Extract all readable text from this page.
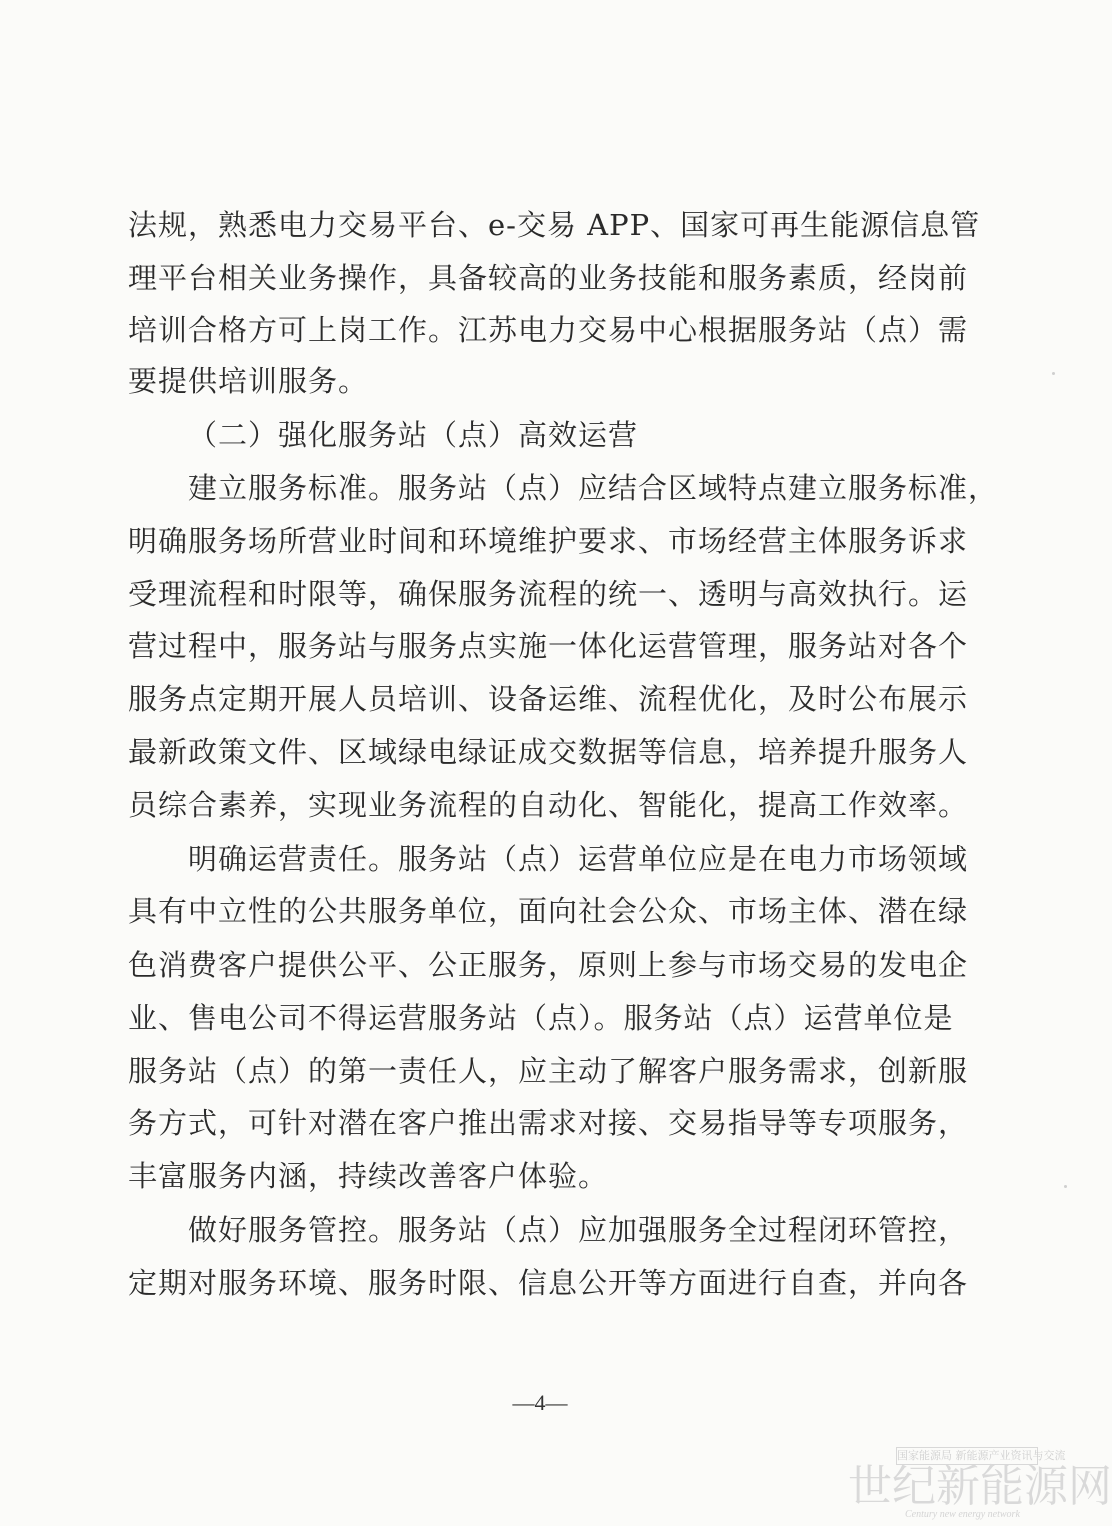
法规，熟悉电力交易平台、e-交易 APP、国家可再生能源信息管
理平台相关业务操作，具备较高的业务技能和服务素质，经岗前
培训合格方可上岗工作。江苏电力交易中心根据服务站（点）需
要提供培训服务。
（二）强化服务站（点）高效运营
建立服务标准。服务站（点）应结合区域特点建立服务标准，
明确服务场所营业时间和环境维护要求、市场经营主体服务诉求
受理流程和时限等，确保服务流程的统一、透明与高效执行。运
营过程中，服务站与服务点实施一体化运营管理，服务站对各个
服务点定期开展人员培训、设备运维、流程优化，及时公布展示
最新政策文件、区域绿电绿证成交数据等信息，培养提升服务人
员综合素养，实现业务流程的自动化、智能化，提高工作效率。
明确运营责任。服务站（点）运营单位应是在电力市场领域
具有中立性的公共服务单位，面向社会公众、市场主体、潜在绿
色消费客户提供公平、公正服务，原则上参与市场交易的发电企
业、售电公司不得运营服务站（点）。服务站（点）运营单位是
服务站（点）的第一责任人，应主动了解客户服务需求，创新服
务方式，可针对潜在客户推出需求对接、交易指导等专项服务，
丰富服务内涵，持续改善客户体验。
做好服务管控。服务站（点）应加强服务全过程闭环管控，
定期对服务环境、服务时限、信息公开等方面进行自查，并向各
—4—
国家能源局 新能源产业资讯与交流
世纪新能源网
Century new energy network
